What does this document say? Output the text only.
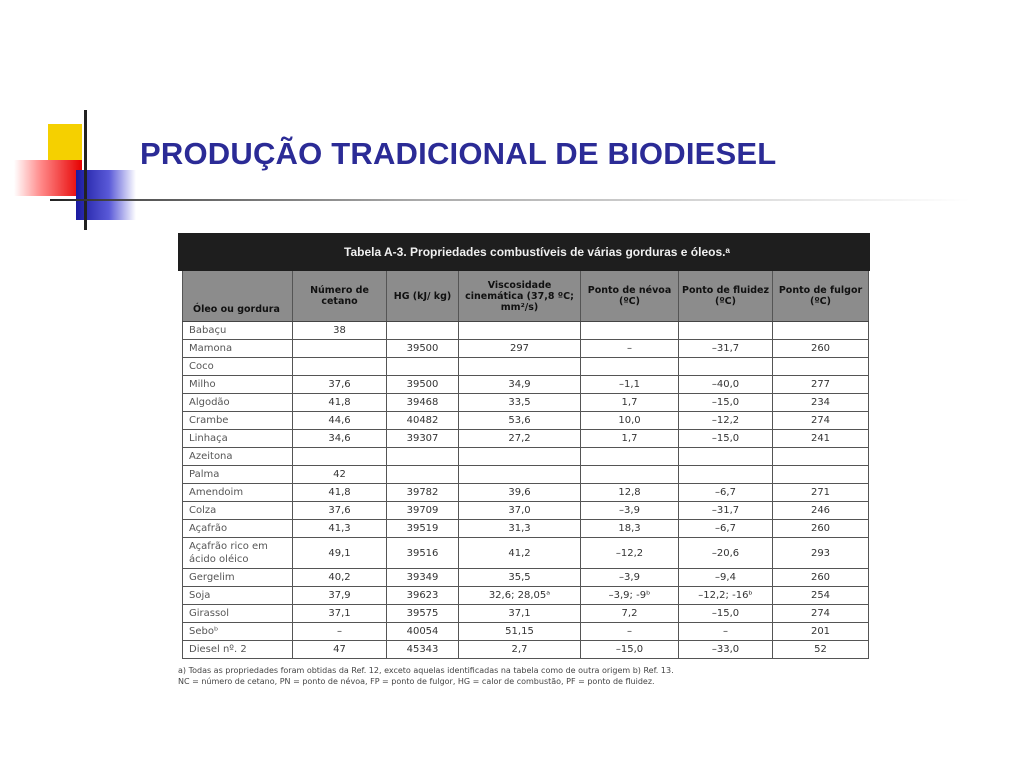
PRODUÇÃO TRADICIONAL DE BIODIESEL
Tabela A-3. Propriedades combustíveis de várias gorduras e óleos.ᵃ
Óleo ou gordura	Número de cetano	HG (kJ/ kg)	Viscosidade cinemática (37,8 ºC; mm²/s)	Ponto de névoa (ºC)	Ponto de fluidez (ºC)	Ponto de fulgor (ºC)
Babaçu	38					
Mamona		39500	297	–	–31,7	260
Coco						
Milho	37,6	39500	34,9	–1,1	–40,0	277
Algodão	41,8	39468	33,5	1,7	–15,0	234
Crambe	44,6	40482	53,6	10,0	–12,2	274
Linhaça	34,6	39307	27,2	1,7	–15,0	241
Azeitona						
Palma	42					
Amendoim	41,8	39782	39,6	12,8	–6,7	271
Colza	37,6	39709	37,0	–3,9	–31,7	246
Açafrão	41,3	39519	31,3	18,3	–6,7	260
Açafrão rico em ácido oléico	49,1	39516	41,2	–12,2	–20,6	293
Gergelim	40,2	39349	35,5	–3,9	–9,4	260
Soja	37,9	39623	32,6; 28,05ᵃ	–3,9; -9ᵇ	–12,2; -16ᵇ	254
Girassol	37,1	39575	37,1	7,2	–15,0	274
Seboᵇ	–	40054	51,15	–	–	201
Diesel nº. 2	47	45343	2,7	–15,0	–33,0	52
a) Todas as propriedades foram obtidas da Ref. 12, exceto aquelas identificadas na tabela como de outra origem b) Ref. 13.
NC = número de cetano, PN = ponto de névoa, FP = ponto de fulgor, HG = calor de combustão, PF = ponto de fluidez.
